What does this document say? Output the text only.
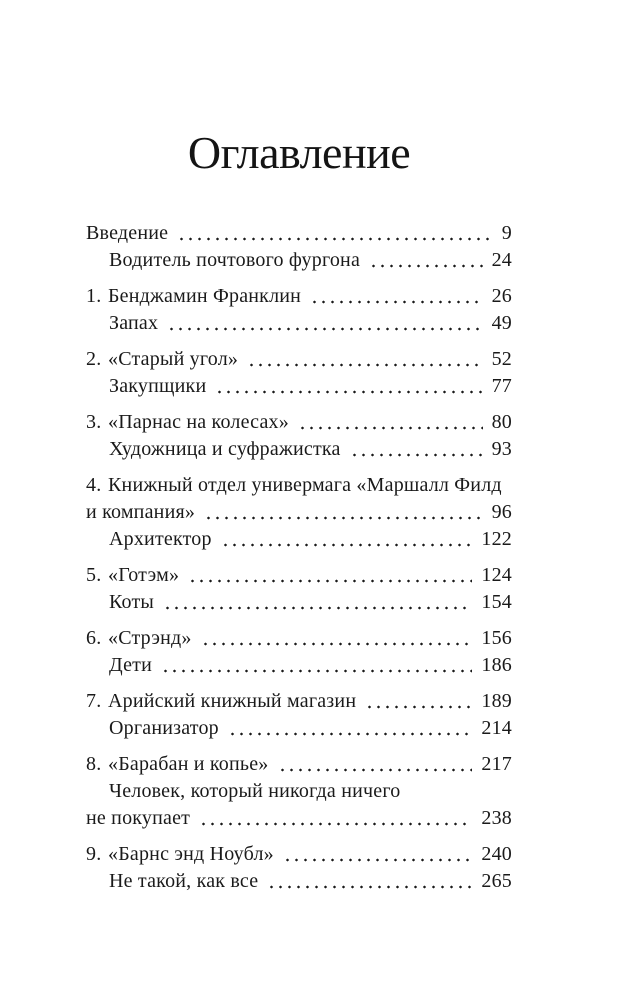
Оглавление
Введение	9
Водитель почтового фургона	24
1. Бенджамин Франклин	26
Запах	49
2. «Старый угол»	52
Закупщики	77
3. «Парнас на колесах»	80
Художница и суфражистка	93
4. Книжный отдел универмага «Маршалл Филд
и компания»	96
Архитектор	122
5. «Готэм»	124
Коты	154
6. «Стрэнд»	156
Дети	186
7. Арийский книжный магазин	189
Организатор	214
8. «Барабан и копье»	217
Человек, который никогда ничего
не покупает	238
9. «Барнс энд Ноубл»	240
Не такой, как все	265
